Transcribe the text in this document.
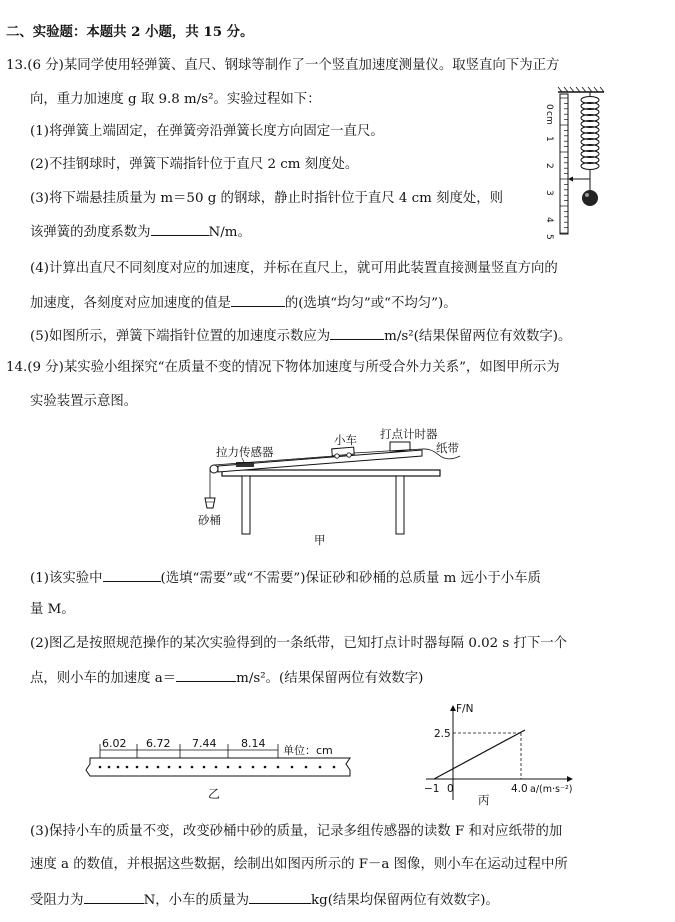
二、实验题：本题共 2 小题，共 15 分。
13.(6 分)某同学使用轻弹簧、直尺、钢球等制作了一个竖直加速度测量仪。取竖直向下为正方
向，重力加速度 g 取 9.8 m/s²。实验过程如下：
(1)将弹簧上端固定，在弹簧旁沿弹簧长度方向固定一直尺。
(2)不挂钢球时，弹簧下端指针位于直尺 2 cm 刻度处。
(3)将下端悬挂质量为 m＝50 g 的钢球，静止时指针位于直尺 4 cm 刻度处，则
该弹簧的劲度系数为	N/m。
(4)计算出直尺不同刻度对应的加速度，并标在直尺上，就可用此装置直接测量竖直方向的
加速度，各刻度对应加速度的值是	的(选填“均匀”或“不均匀”)。
(5)如图所示，弹簧下端指针位置的加速度示数应为	m/s²(结果保留两位有效数字)。
0
cm
1
2
3
4
5
14.(9 分)某实验小组探究“在质量不变的情况下物体加速度与所受合外力关系”，如图甲所示为
实验装置示意图。
拉力传感器
小车 打点计时器
纸带
砂桶
甲
(1)该实验中	(选填“需要”或“不需要”)保证砂和砂桶的总质量 m 远小于小车质
量 M。
(2)图乙是按照规范操作的某次实验得到的一条纸带，已知打点计时器每隔 0.02 s 打下一个
点，则小车的加速度 a＝	m/s²。(结果保留两位有效数字)
6.02 6.72 7.44 8.14
单位：cm
乙
F/N
2.5
−1 0	4.0 a/(m·s⁻²)
丙
(3)保持小车的质量不变，改变砂桶中砂的质量，记录多组传感器的读数 F 和对应纸带的加
速度 a 的数值，并根据这些数据，绘制出如图丙所示的 F－a 图像，则小车在运动过程中所
受阻力为	N，小车的质量为	kg(结果均保留两位有效数字)。
